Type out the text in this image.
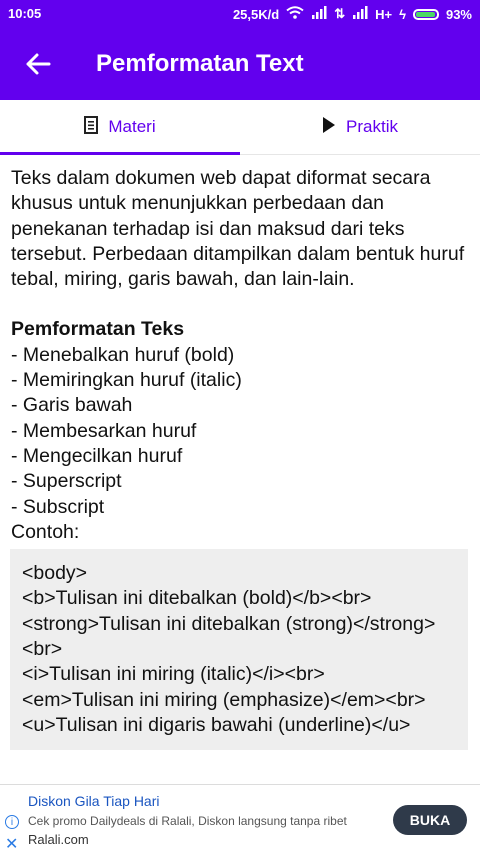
10:05	25,5K/d	⇅ H+ ϟ	93%
Pemformatan Text
Materi	Praktik

Teks dalam dokumen web dapat diformat secara khusus untuk menunjukkan perbedaan dan penekanan terhadap isi dan maksud dari teks tersebut. Perbedaan ditampilkan dalam bentuk huruf tebal, miring, garis bawah, dan lain-lain.

Pemformatan Teks
- Menebalkan huruf (bold)
- Memiringkan huruf (italic)
- Garis bawah
- Membesarkan huruf
- Mengecilkan huruf
- Superscript
- Subscript
Contoh:
<body>
<b>Tulisan ini ditebalkan (bold)</b><br>
<strong>Tulisan ini ditebalkan (strong)</strong><br>
<i>Tulisan ini miring (italic)</i><br>
<em>Tulisan ini miring (emphasize)</em><br>
<u>Tulisan ini digaris bawahi (underline)</u>
i
✕
Diskon Gila Tiap Hari
Cek promo Dailydeals di Ralali, Diskon langsung tanpa ribet
Ralali.com
BUKA
